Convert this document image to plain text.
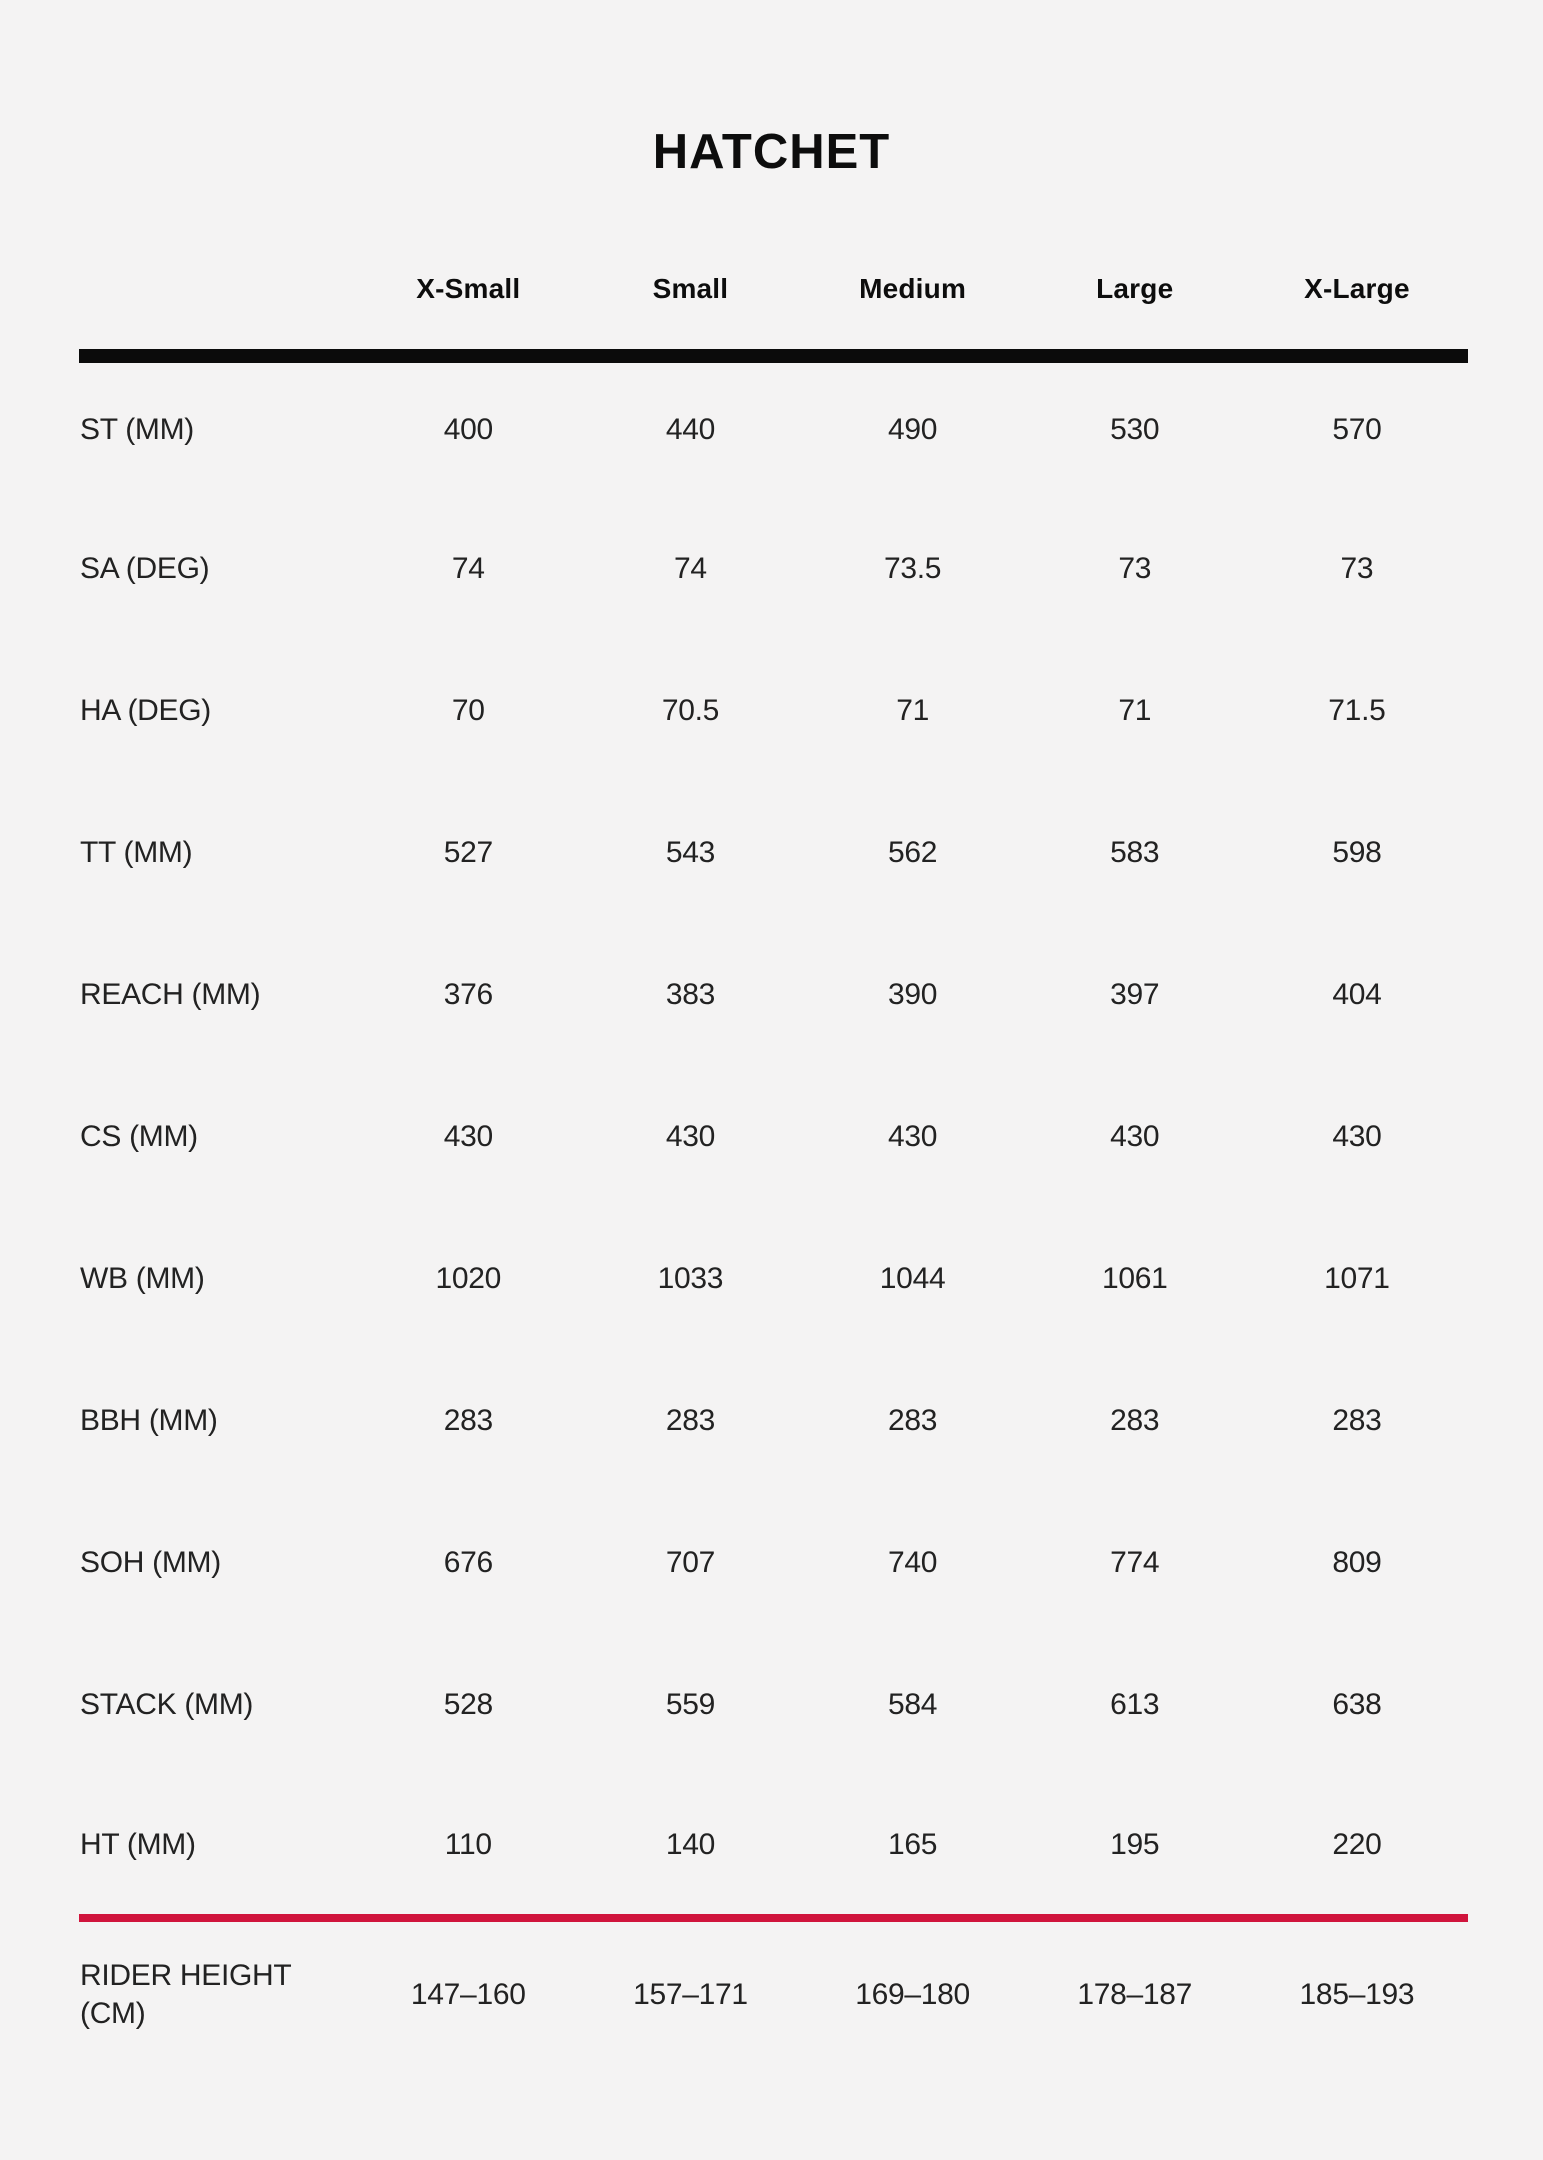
HATCHET
	X-Small	Small	Medium	Large	X-Large
ST (MM)	400	440	490	530	570
SA (DEG)	74	74	73.5	73	73
HA (DEG)	70	70.5	71	71	71.5
TT (MM)	527	543	562	583	598
REACH (MM)	376	383	390	397	404
CS (MM)	430	430	430	430	430
WB (MM)	1020	1033	1044	1061	1071
BBH (MM)	283	283	283	283	283
SOH (MM)	676	707	740	774	809
STACK (MM)	528	559	584	613	638
HT (MM)	110	140	165	195	220
RIDER HEIGHT (CM)	147–160	157–171	169–180	178–187	185–193
